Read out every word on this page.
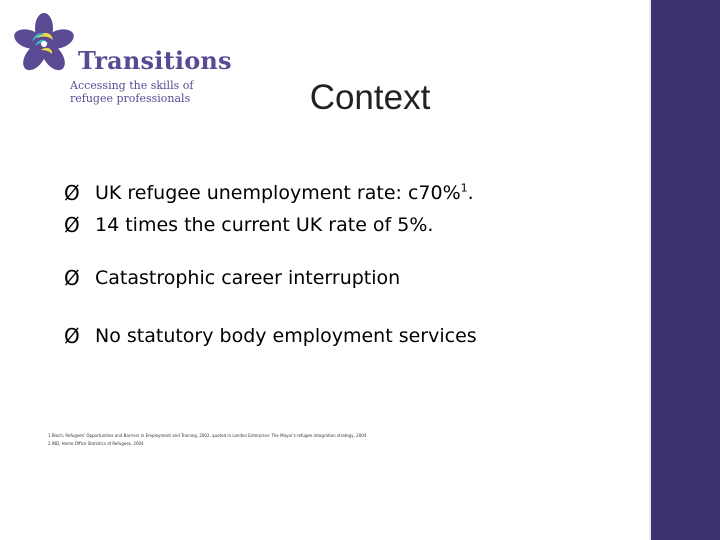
Transitions
Accessing the skills of
refugee professionals	Context
Ø UK refugee unemployment rate: c70%$^1$.
Ø 14 times the current UK rate of 5%.
Ø Catastrophic career interruption
Ø No statutory body employment services
1 Bloch, Refugees' Opportunities and Barriers in Employment and Training, 2002, quoted in London Enterprise: The Mayor's refugee integration strategy, 2004
2 IND, Home Office Statistics of Refugees, 2004
